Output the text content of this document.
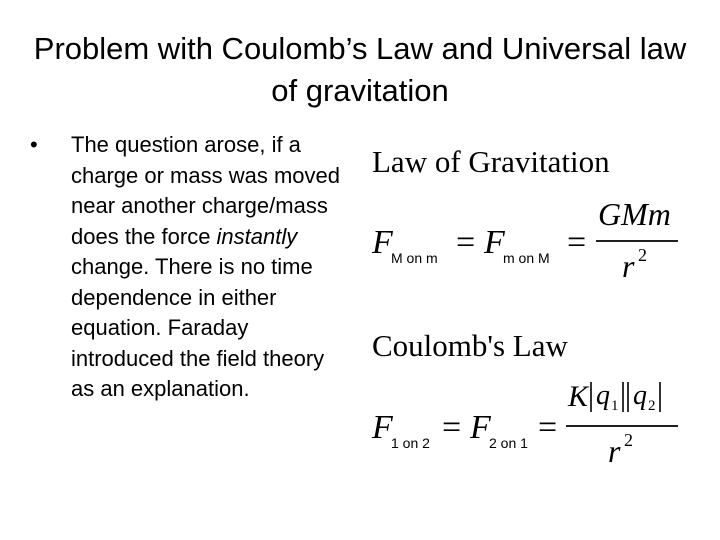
Problem with Coulomb’s Law and Universal law of gravitation
• The question arose, if a charge or mass was moved near another charge/mass does the force instantly change. There is no time dependence in either equation. Faraday introduced the field theory as an explanation.
Law of Gravitation
F
M on m = F
m on M =
GMm
r 2
Coulomb's Law
F
1 on 2 = F
2 on 1 =
K q 1 q 2
r 2
